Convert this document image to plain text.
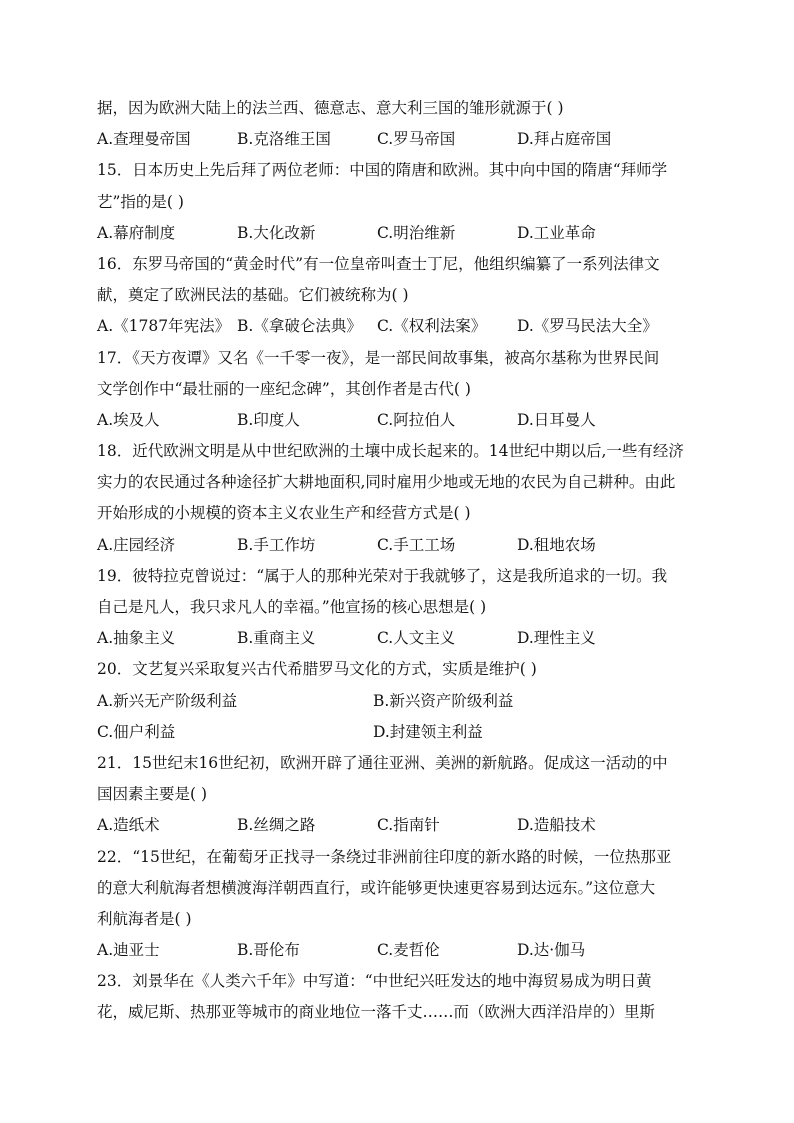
据，因为欧洲大陆上的法兰西、德意志、意大利三国的雏形就源于( )
A.查理曼帝国	B.克洛维王国	C.罗马帝国	D.拜占庭帝国
15．日本历史上先后拜了两位老师：中国的隋唐和欧洲。其中向中国的隋唐“拜师学
艺”指的是( )
A.幕府制度	B.大化改新	C.明治维新	D.工业革命
16．东罗马帝国的“黄金时代”有一位皇帝叫查士丁尼，他组织编纂了一系列法律文
献，奠定了欧洲民法的基础。它们被统称为( )
A.《1787年宪法》 B.《拿破仑法典》 C.《权利法案》	D.《罗马民法大全》
17．《天方夜谭》又名《一千零一夜》，是一部民间故事集，被高尔基称为世界民间
文学创作中“最壮丽的一座纪念碑”，其创作者是古代( )
A.埃及人	B.印度人	C.阿拉伯人	D.日耳曼人
18．近代欧洲文明是从中世纪欧洲的土壤中成长起来的。14世纪中期以后,一些有经济
实力的农民通过各种途径扩大耕地面积,同时雇用少地或无地的农民为自己耕种。由此
开始形成的小规模的资本主义农业生产和经营方式是( )
A.庄园经济	B.手工作坊	C.手工工场	D.租地农场
19．彼特拉克曾说过：“属于人的那种光荣对于我就够了，这是我所追求的一切。我
自己是凡人，我只求凡人的幸福。”他宣扬的核心思想是( )
A.抽象主义	B.重商主义	C.人文主义	D.理性主义
20．文艺复兴采取复兴古代希腊罗马文化的方式，实质是维护( )
A.新兴无产阶级利益	B.新兴资产阶级利益
C.佃户利益	D.封建领主利益
21．15世纪末16世纪初，欧洲开辟了通往亚洲、美洲的新航路。促成这一活动的中
国因素主要是( )
A.造纸术	B.丝绸之路	C.指南针	D.造船技术
22．“15世纪，在葡萄牙正找寻一条绕过非洲前往印度的新水路的时候，一位热那亚
的意大利航海者想横渡海洋朝西直行，或许能够更快速更容易到达远东。”这位意大
利航海者是( )
A.迪亚士	B.哥伦布	C.麦哲伦	D.达·伽马
23．刘景华在《人类六千年》中写道：“中世纪兴旺发达的地中海贸易成为明日黄
花，威尼斯、热那亚等城市的商业地位一落千丈……而（欧洲大西洋沿岸的）里斯
